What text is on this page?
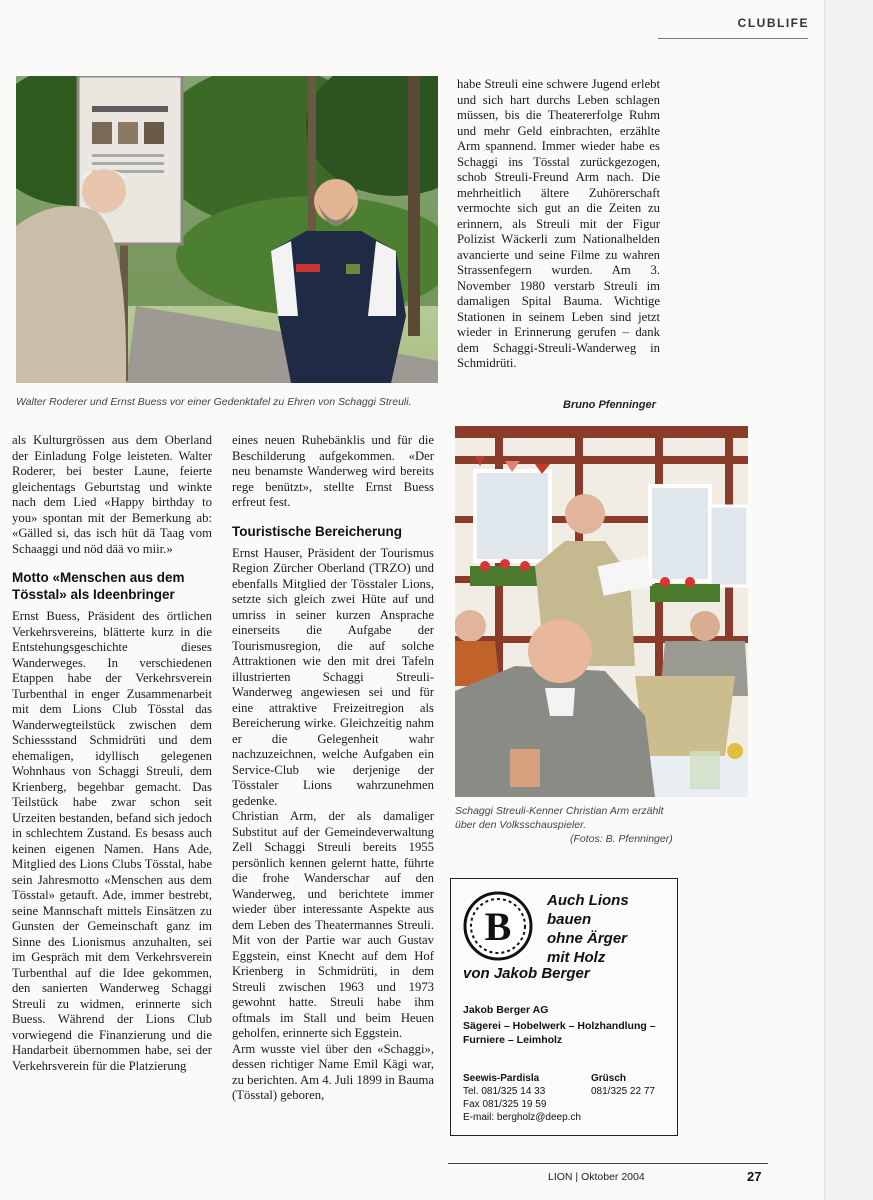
CLUBLIFE
Walter Roderer und Ernst Buess vor einer Gedenktafel zu Ehren von Schaggi Streuli.

habe Streuli eine schwere Jugend erlebt und sich hart durchs Leben schlagen müssen, bis die Theatererfolge Ruhm und mehr Geld einbrachten, erzählte Arm spannend. Immer wieder habe es Schaggi ins Tösstal zurückgezogen, schob Streuli-Freund Arm nach. Die mehrheitlich ältere Zuhörerschaft vermochte sich gut an die Zeiten zu erinnern, als Streuli mit der Figur Polizist Wäckerli zum Nationalhelden avancierte und seine Filme zu wahren Strassenfegern wurden. Am 3. November 1980 verstarb Streuli im damaligen Spital Bauma. Wichtige Stationen in seinem Leben sind jetzt wieder in Erinnerung gerufen – dank dem Schaggi-Streuli-Wanderweg in Schmidrüti.

Bruno Pfenninger

als Kulturgrössen aus dem Oberland der Einladung Folge leisteten. Walter Roderer, bei bester Laune, feierte gleichentags Geburtstag und winkte nach dem Lied «Happy birthday to you» spontan mit der Bemerkung ab: «Gälled si, das isch hüt dä Taag vom Schaaggi und nöd dää vo miir.»

Motto «Menschen aus dem Tösstal» als Ideenbringer

Ernst Buess, Präsident des örtlichen Verkehrsvereins, blätterte kurz in die Entstehungsgeschichte dieses Wanderweges. In verschiedenen Etappen habe der Verkehrsverein Turbenthal in enger Zusammenarbeit mit dem Lions Club Tösstal das Wanderwegteilstück zwischen dem Schiessstand Schmidrüti und dem ehemaligen, idyllisch gelegenen Wohnhaus von Schaggi Streuli, dem Krienberg, begehbar gemacht. Das Teilstück habe zwar schon seit Urzeiten bestanden, befand sich jedoch in schlechtem Zustand. Es besass auch keinen eigenen Namen. Hans Ade, Mitglied des Lions Clubs Tösstal, habe sein Jahresmotto «Menschen aus dem Tösstal» getauft. Ade, immer bestrebt, seine Mannschaft mittels Einsätzen zu Gunsten der Gemeinschaft ganz im Sinne des Lionismus anzuhalten, sei im Gespräch mit dem Verkehrsverein Turbenthal auf die Idee gekommen, den sanierten Wanderweg Schaggi Streuli zu widmen, erinnerte sich Buess. Während der Lions Club vorwiegend die Finanzierung und die Handarbeit übernommen habe, sei der Verkehrsverein für die Platzierung

eines neuen Ruhebänklis und für die Beschilderung aufgekommen. «Der neu benamste Wanderweg wird bereits rege benützt», stellte Ernst Buess erfreut fest.

Touristische Bereicherung

Ernst Hauser, Präsident der Tourismus Region Zürcher Oberland (TRZO) und ebenfalls Mitglied der Tösstaler Lions, setzte sich gleich zwei Hüte auf und umriss in seiner kurzen Ansprache einerseits die Aufgabe der Tourismusregion, die auf solche Attraktionen wie den mit drei Tafeln illustrierten Schaggi Streuli-Wanderweg angewiesen sei und für eine attraktive Freizeitregion als Bereicherung wirke. Gleichzeitig nahm er die Gelegenheit wahr nachzuzeichnen, welche Aufgaben ein Service-Club wie derjenige der Tösstaler Lions wahrzunehmen gedenke.

Christian Arm, der als damaliger Substitut auf der Gemeindeverwaltung Zell Schaggi Streuli bereits 1955 persönlich kennen gelernt hatte, führte die frohe Wanderschar auf den Wanderweg, und berichtete immer wieder über interessante Aspekte aus dem Leben des Theatermannes Streuli. Mit von der Partie war auch Gustav Eggstein, einst Knecht auf dem Hof Krienberg in Schmidrüti, in dem Streuli zwischen 1963 und 1973 gewohnt hatte. Streuli habe ihm oftmals im Stall und beim Heuen geholfen, erinnerte sich Eggstein.

Arm wusste viel über den «Schaggi», dessen richtiger Name Emil Kägi war, zu berichten. Am 4. Juli 1899 in Bauma (Tösstal) geboren,

Schaggi Streuli-Kenner Christian Arm erzählt
über den Volksschauspieler.
(Fotos: B. Pfenninger)
B
Auch Lions
bauen
ohne Ärger
mit Holz
von Jakob Berger
Jakob Berger AG
Sägerei – Hobelwerk – Holzhandlung – Furniere – Leimholz
Seewis-Pardisla
Tel. 081/325 14 33
Fax 081/325 19 59
E-mail: bergholz@deep.ch
Grüsch
081/325 22 77
LION | Oktober 2004	27
